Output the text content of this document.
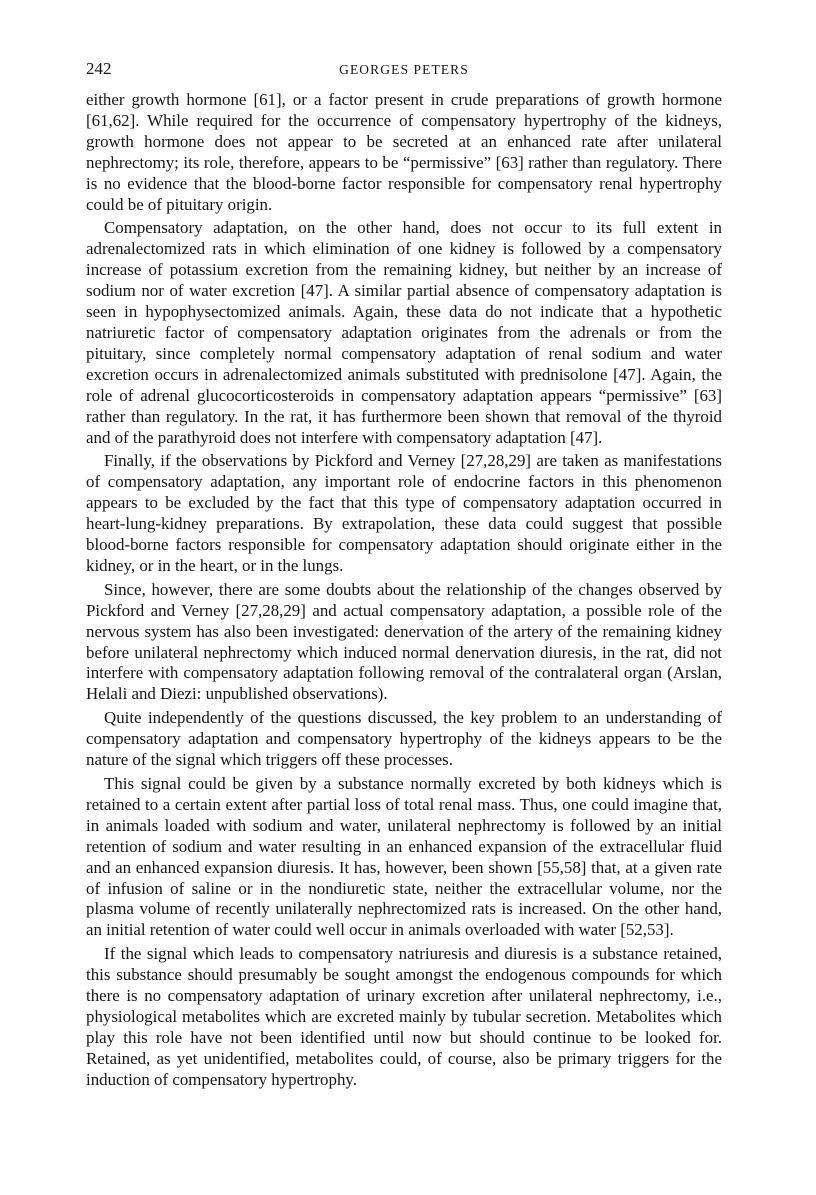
242	GEORGES PETERS

either growth hormone [61], or a factor present in crude preparations of growth hormone [61,62]. While required for the occurrence of compensatory hypertrophy of the kidneys, growth hormone does not appear to be secreted at an enhanced rate after unilateral nephrectomy; its role, therefore, appears to be “permissive” [63] rather than regulatory. There is no evidence that the blood-borne factor responsible for compensatory renal hypertrophy could be of pituitary origin.

Compensatory adaptation, on the other hand, does not occur to its full extent in adrenalectomized rats in which elimination of one kidney is followed by a compensatory increase of potassium excretion from the remaining kidney, but neither by an increase of sodium nor of water excretion [47]. A similar partial absence of compensatory adaptation is seen in hypophysectomized animals. Again, these data do not indicate that a hypothetic natriuretic factor of compensatory adaptation originates from the adrenals or from the pituitary, since completely normal compensatory adaptation of renal sodium and water excretion occurs in adrenalectomized animals substituted with prednisolone [47]. Again, the role of adrenal glucocorticosteroids in compensatory adaptation appears “permissive” [63] rather than regulatory. In the rat, it has furthermore been shown that removal of the thyroid and of the parathyroid does not interfere with compensatory adaptation [47].

Finally, if the observations by Pickford and Verney [27,28,29] are taken as manifestations of compensatory adaptation, any important role of endocrine factors in this phenomenon appears to be excluded by the fact that this type of compensatory adaptation occurred in heart-lung-kidney preparations. By extrapolation, these data could suggest that possible blood-borne factors responsible for compensatory adaptation should originate either in the kidney, or in the heart, or in the lungs.

Since, however, there are some doubts about the relationship of the changes observed by Pickford and Verney [27,28,29] and actual compensatory adaptation, a possible role of the nervous system has also been investigated: denervation of the artery of the remaining kidney before unilateral nephrectomy which induced normal denervation diuresis, in the rat, did not interfere with compensatory adaptation following removal of the contralateral organ (Arslan, Helali and Diezi: unpublished observations).

Quite independently of the questions discussed, the key problem to an understanding of compensatory adaptation and compensatory hypertrophy of the kidneys appears to be the nature of the signal which triggers off these processes.

This signal could be given by a substance normally excreted by both kidneys which is retained to a certain extent after partial loss of total renal mass. Thus, one could imagine that, in animals loaded with sodium and water, unilateral nephrectomy is followed by an initial retention of sodium and water resulting in an enhanced expansion of the extracellular fluid and an enhanced expansion diuresis. It has, however, been shown [55,58] that, at a given rate of infusion of saline or in the nondiuretic state, neither the extracellular volume, nor the plasma volume of recently unilaterally nephrectomized rats is increased. On the other hand, an initial retention of water could well occur in animals overloaded with water [52,53].

If the signal which leads to compensatory natriuresis and diuresis is a substance retained, this substance should presumably be sought amongst the endogenous compounds for which there is no compensatory adaptation of urinary excretion after unilateral nephrectomy, i.e., physiological metabolites which are excreted mainly by tubular secretion. Metabolites which play this role have not been identified until now but should continue to be looked for. Retained, as yet unidentified, metabolites could, of course, also be primary triggers for the induction of compensatory hypertrophy.
